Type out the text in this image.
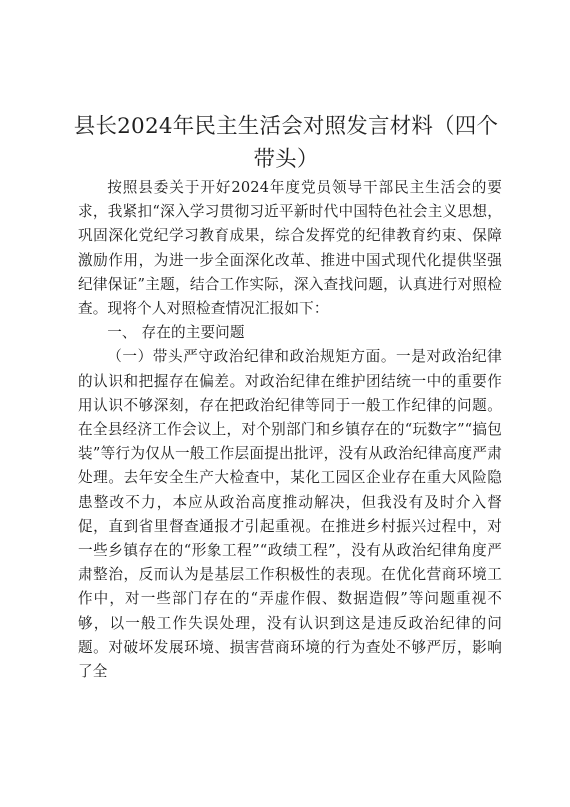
县长2024年民主生活会对照发言材料（四个带头）

按照县委关于开好2024年度党员领导干部民主生活会的要求，我紧扣“深入学习贯彻习近平新时代中国特色社会主义思想，巩固深化党纪学习教育成果，综合发挥党的纪律教育约束、保障激励作用，为进一步全面深化改革、推进中国式现代化提供坚强纪律保证”主题，结合工作实际，深入查找问题，认真进行对照检查。现将个人对照检查情况汇报如下：

一、 存在的主要问题

（一）带头严守政治纪律和政治规矩方面。一是对政治纪律的认识和把握存在偏差。对政治纪律在维护团结统一中的重要作用认识不够深刻，存在把政治纪律等同于一般工作纪律的问题。在全县经济工作会议上，对个别部门和乡镇存在的“玩数字”“搞包装”等行为仅从一般工作层面提出批评，没有从政治纪律高度严肃处理。去年安全生产大检查中，某化工园区企业存在重大风险隐患整改不力，本应从政治高度推动解决，但我没有及时介入督促，直到省里督查通报才引起重视。在推进乡村振兴过程中，对一些乡镇存在的“形象工程”“政绩工程”，没有从政治纪律角度严肃整治，反而认为是基层工作积极性的表现。在优化营商环境工作中，对一些部门存在的“弄虚作假、数据造假”等问题重视不够，以一般工作失误处理，没有认识到这是违反政治纪律的问题。对破坏发展环境、损害营商环境的行为查处不够严厉，影响了全
